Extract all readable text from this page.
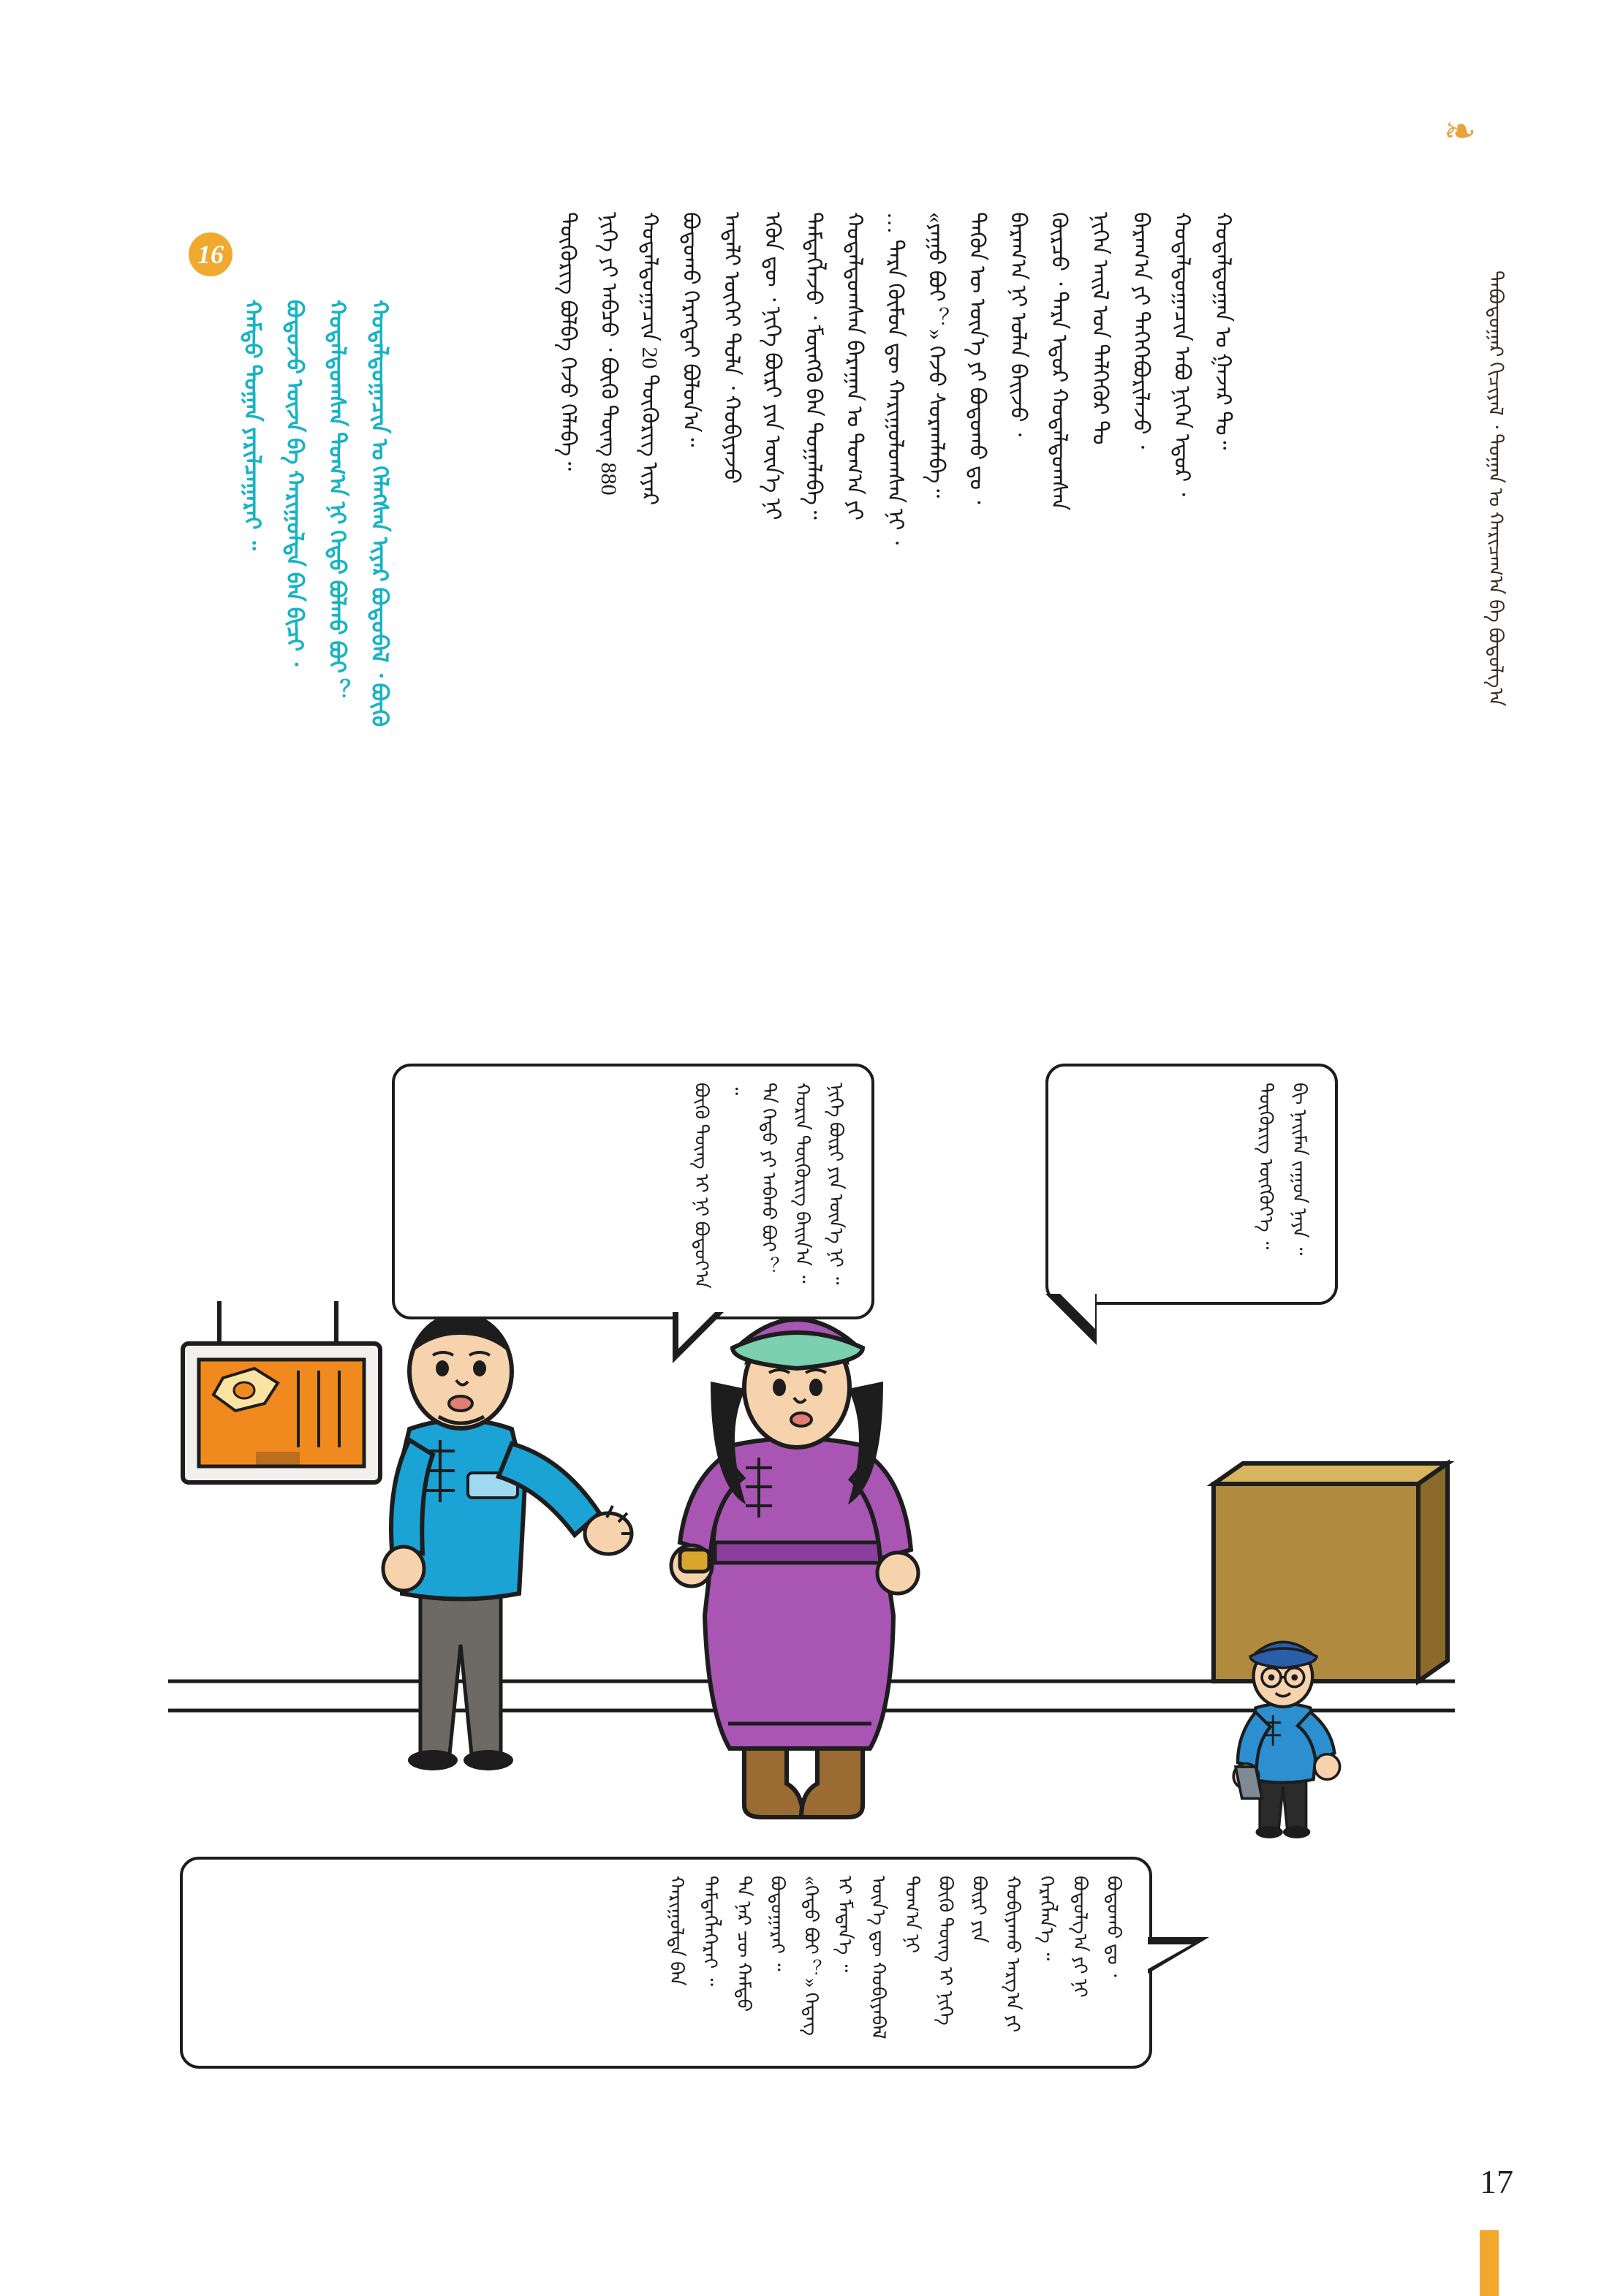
❧
ᠲᠠᠪᠤᠳᠤᠭᠠᠷ ᠬᠢᠴᠢᠶᠡᠯ ᠂ ᠲᠣᠭᠠᠨ ᠤ ᠬᠠᠷᠢᠴᠠᠭ᠎ᠠ ᠪᠠ ᠪᠣᠳᠣᠯᠭ᠎ᠠ
ᠬᠤᠳᠠᠯᠳᠤᠭᠠᠨ ᠤ ᠭᠠᠵᠠᠷ ᠲᠤ᠃
ᠬᠤᠳᠠᠯᠳᠤᠭᠠᠴᠢᠨ ᠠᠪᠤ ᠨᠢᠭᠡᠨ ᠡᠳᠦᠷ ᠂
ᠪᠠᠷᠠᠭ᠎ᠠ ᠶᠢ ᠲᠡᠭᠡᠭᠡᠪᠦᠷᠢᠯᠡᠵᠦ ᠂
ᠨᠢᠭᠡᠨ ᠠᠢᠯ ᠤᠨ ᠳᠡᠯᠭᠡᠭᠦᠷ ᠲᠤ
ᠬᠦᠷᠴᠦ ᠂ ᠲᠡᠷᠡ ᠡᠳᠦᠷ ᠬᠤᠳᠠᠯᠳᠤᠭᠰᠠᠨ
ᠪᠠᠷᠠᠭ᠎ᠠ ᠨᠢ ᠣᠯᠠᠨ ᠪᠠᠢᠵᠤ ᠂
ᠲᠡᠭᠦᠨ ᠦ ᠦᠨ᠎ᠡ ᠶᠢ ᠪᠣᠳᠤᠬᠤ ᠳᠤ ᠂
«ᠶᠠᠭᠤ ᠪᠤᠢ ︖» ᠭᠡᠵᠦ ᠰᠤᠷᠠᠭᠯᠠᠪᠠ᠃
… ᠲᠡᠷᠡ ᠬᠦᠮᠦᠨ ᠳᠦ ᠬᠠᠷᠢᠭᠤᠯᠤᠭᠰᠠᠨ ᠨᠢ ᠂
ᠬᠤᠳᠠᠯᠳᠤᠭᠰᠠᠨ ᠪᠠᠷᠠᠭᠠᠨ ᠤ ᠲᠣᠭ᠎ᠠ ᠶᠢ
ᠲᠡᠮᠳᠡᠭᠯᠡᠵᠦ ᠂ ᠮᠥᠩᠭᠦ ᠪᠡᠨ ᠲᠣᠭᠠᠯᠠᠪᠠ᠃
ᠡᠭᠦᠨ ᠳᠦ ᠂ ᠨᠢᠭᠡ ᠪᠦᠷᠢ ᠶᠢᠨ ᠦᠨ᠎ᠡ ᠨᠢ
ᠠᠳᠠᠯᠢ ᠦᠭᠡᠢ ᠲᠤᠯᠠ ᠂ ᠬᠤᠪᠢᠶᠠᠵᠤ
ᠪᠣᠳᠤᠬᠤ ᠬᠡᠷᠡᠭᠲᠡᠢ ᠪᠣᠯᠤᠨ᠎ᠠ᠃
ᠬᠤᠳᠠᠯᠳᠤᠭᠠᠴᠢᠨ 20 ᠲᠥᠭᠦᠷᠢᠭ ᠢᠶᠡᠷ
ᠨᠢᠭᠡ ᠶᠢ ᠠᠪᠴᠤ ᠂ ᠪᠦᠬᠦ ᠳᠦᠩ 880
ᠲᠥᠭᠦᠷᠢᠭ ᠪᠣᠯᠪᠠ ᠭᠡᠵᠦ ᠬᠡᠯᠡᠪᠡ᠃
16
ᠬᠤᠳᠠᠯᠳᠤᠭᠠᠴᠢᠨ ᠤ ᠬᠡᠯᠡᠭᠰᠡᠨ ᠢᠶᠡᠷ ᠪᠣᠳᠤᠪᠠᠯ ᠂ ᠪᠦᠬᠦ
ᠬᠤᠳᠠᠯᠳᠤᠭᠰᠠᠨ ᠲᠣᠭ᠎ᠠ ᠨᠢ ᠬᠡᠳᠦ ᠪᠣᠯᠬᠤ ᠪᠤᠢ ︖
ᠪᠣᠳᠤᠵᠤ ᠦᠵᠡ ᠪᠡ ᠬᠠᠷᠢᠭᠤᠯᠲᠠ ᠪᠠᠨ ᠪᠢᠴᠢ ᠂
ᠬᠠᠮᠲᠤ ᠳᠤᠭᠠᠨ ᠶᠠᠷᠢᠯᠴᠠᠭᠠᠷᠠᠢ ᠃
ᠨᠢᠭᠡ ᠪᠦᠷᠢ ᠶᠢᠨ ᠦᠨ᠎ᠡ ᠨᠢ ᠃
ᠬᠤᠷᠢᠨ ᠲᠥᠭᠦᠷᠢᠭ ᠪᠠᠢᠨ᠎ᠠ ᠃
ᠲᠠ ᠬᠡᠳᠦ ᠶᠢ ᠠᠪᠬᠤ ᠪᠤᠢ ︖
ᠪᠦᠬᠦ ᠳᠦᠩ ᠢ ᠨᠢ ᠪᠣᠳᠤᠶ᠎ᠠ ᠃	ᠪᠢ ᠨᠠᠢᠮᠠᠨ ᠵᠠᠭᠤᠨ ᠨᠠᠶᠠ ᠃
ᠲᠥᠭᠦᠷᠢᠭ ᠥᠭᠭᠦᠶ᠎ᠡ ᠃
ᠪᠣᠳᠤᠯᠭ᠎ᠠ ᠶᠢ ᠨᠢ ᠪᠣᠳᠤᠬᠤ ᠳᠤ ᠂
ᠬᠤᠪᠢᠶᠠᠬᠤ ᠠᠷᠭ᠎ᠠ ᠶᠢ ᠬᠡᠷᠡᠭᠯᠡᠨ᠎ᠡ ᠃
ᠪᠦᠬᠦ ᠳᠦᠩ ᠢ ᠨᠢᠭᠡ ᠪᠦᠷᠢ ᠶᠢᠨ
ᠦᠨ᠎ᠡ ᠳᠦ ᠬᠤᠪᠢᠶᠠᠪᠠᠯ ᠲᠣᠭ᠎ᠠ ᠨᠢ
«ᠬᠡᠳᠦ ᠪᠤᠢ ︖» ᠭᠡᠳᠡᠭ ᠢ ᠮᠡᠳᠡᠨ᠎ᠡ ᠃
ᠲᠠ ᠨᠠᠷ ᠴᠦ ᠬᠠᠮᠲᠤ ᠪᠣᠳᠤᠭᠠᠷᠠᠢ ᠃
ᠬᠠᠷᠢᠭᠤᠯᠲᠠ ᠪᠠᠨ ᠲᠡᠮᠳᠡᠭᠯᠡᠭᠡᠷᠡᠢ ᠃
17
